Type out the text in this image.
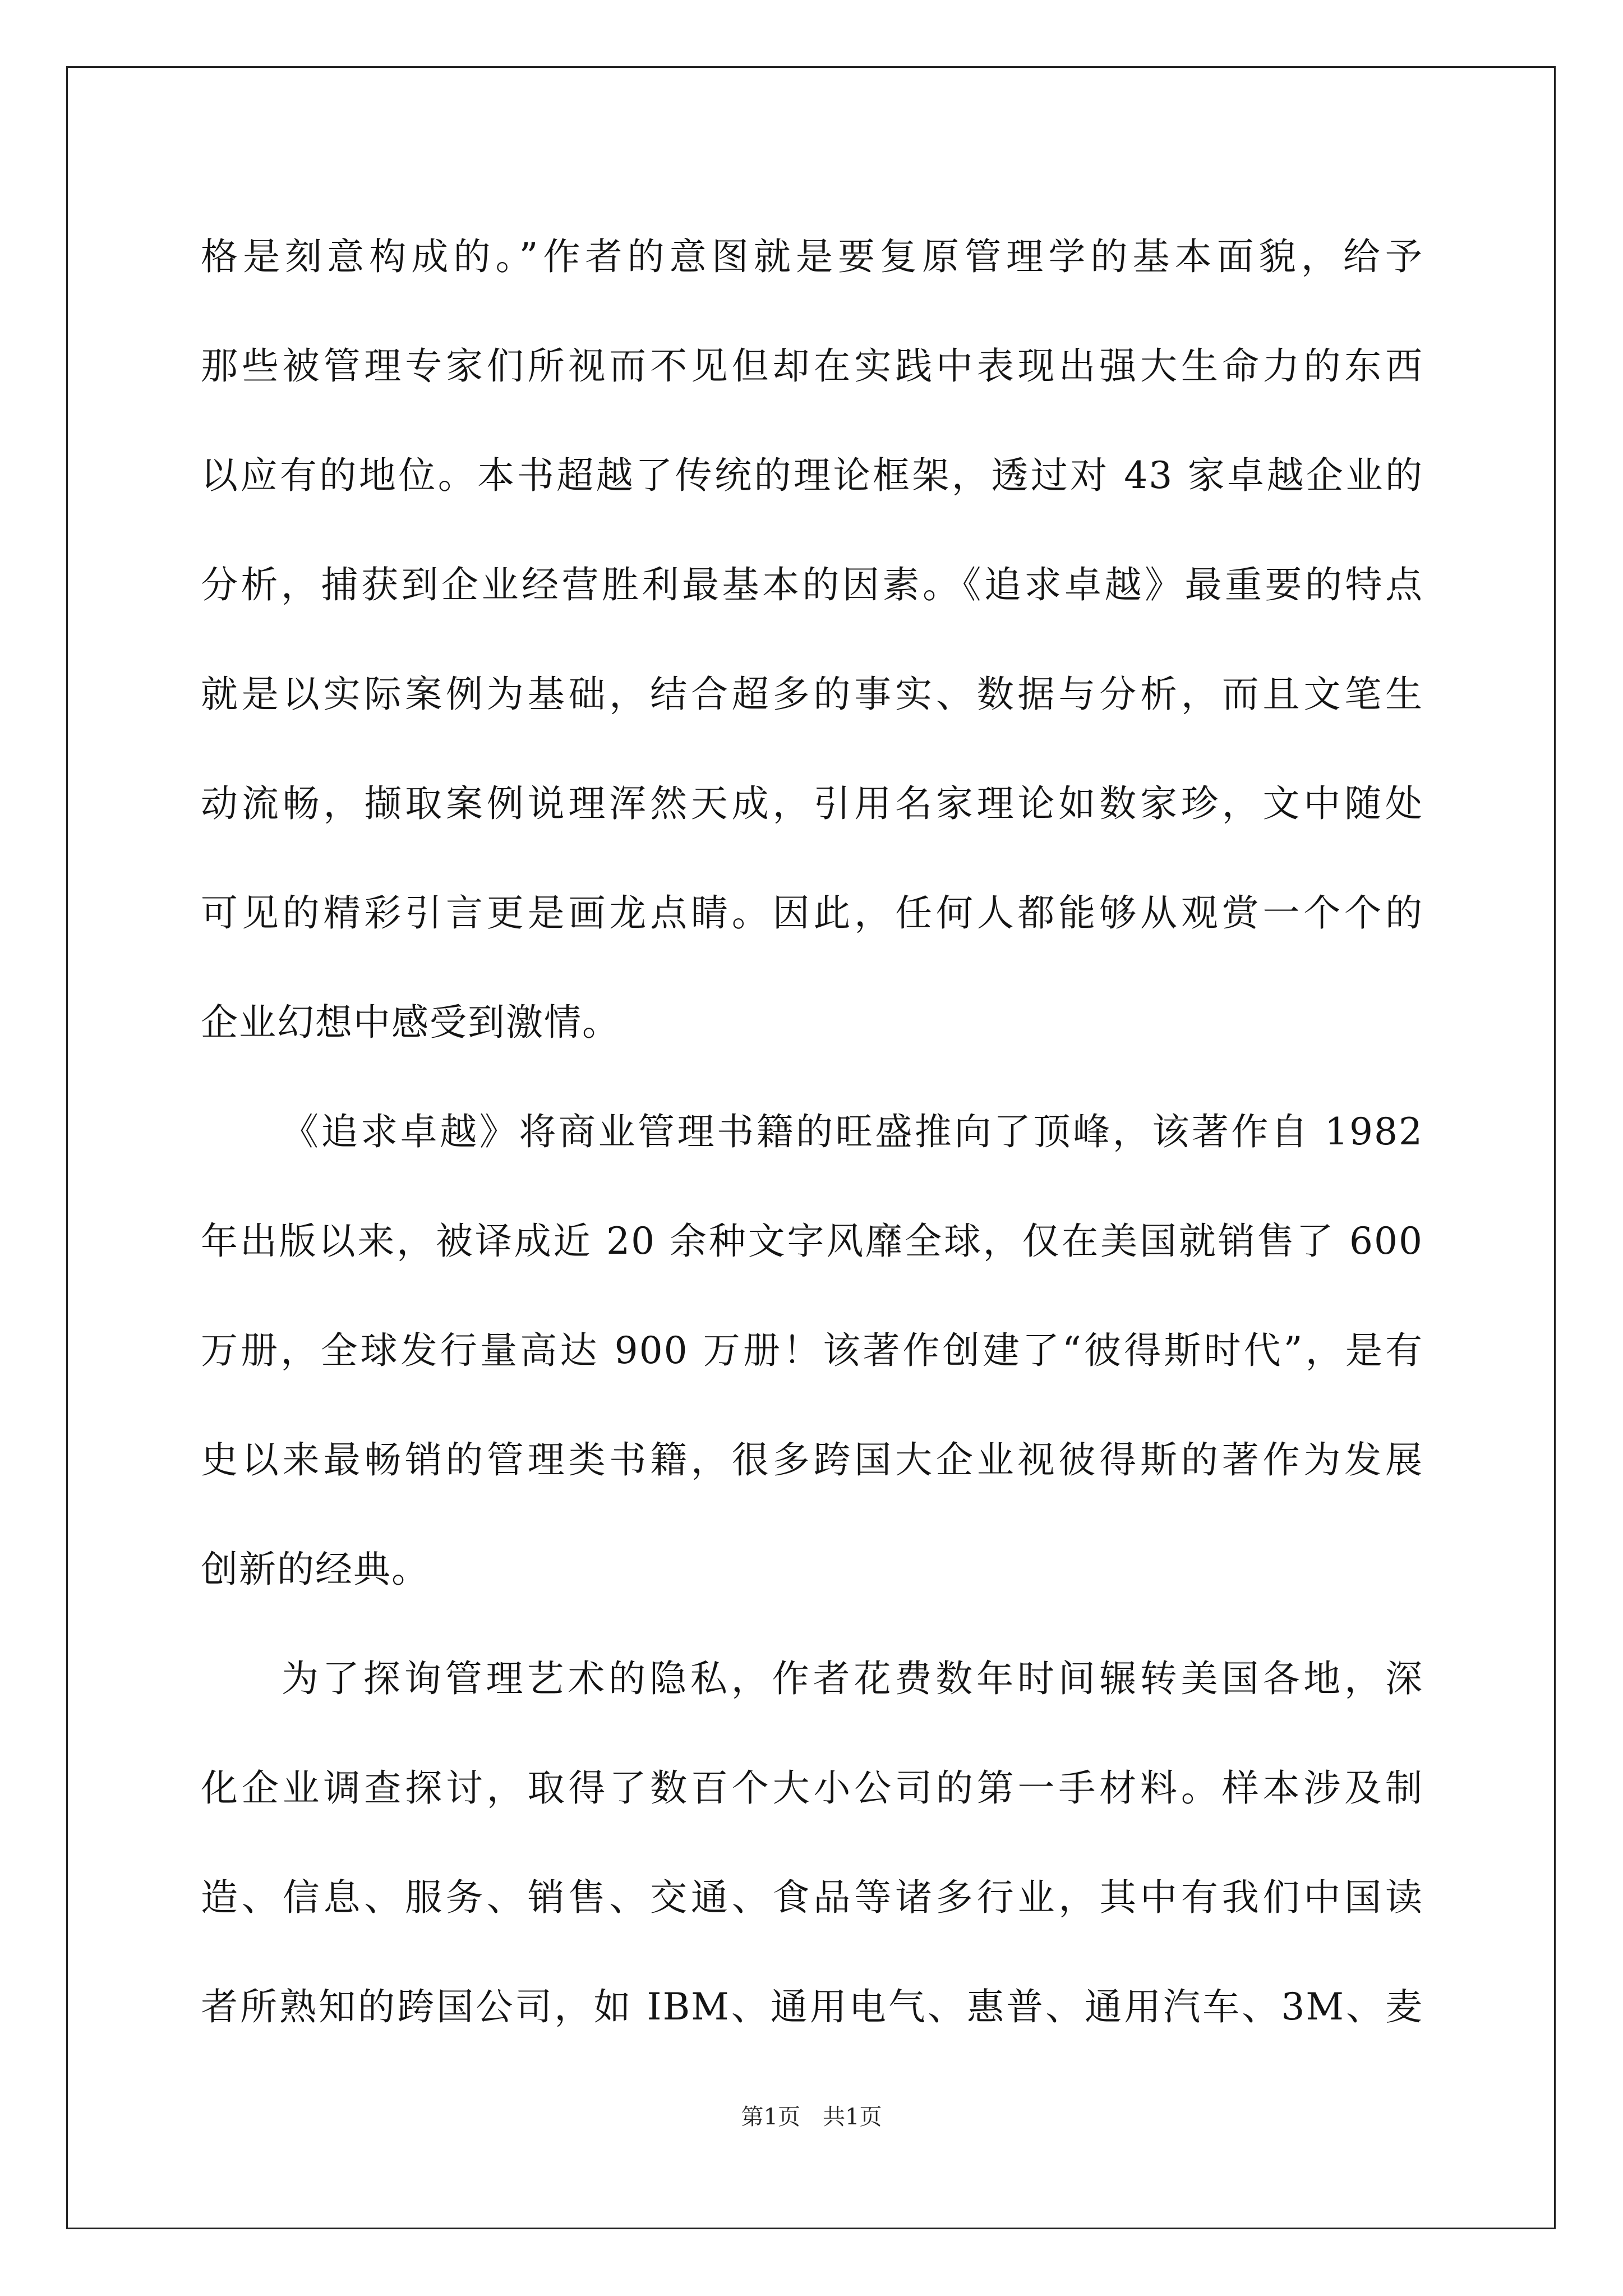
格是刻意构成的。”作者的意图就是要复原管理学的基本面貌，给予
那些被管理专家们所视而不见但却在实践中表现出强大生命力的东西
以应有的地位。本书超越了传统的理论框架，透过对 43 家卓越企业的
分析，捕获到企业经营胜利最基本的因素。《追求卓越》最重要的特点
就是以实际案例为基础，结合超多的事实、数据与分析，而且文笔生
动流畅，撷取案例说理浑然天成，引用名家理论如数家珍，文中随处
可见的精彩引言更是画龙点睛。因此，任何人都能够从观赏一个个的
企业幻想中感受到激情。
《追求卓越》将商业管理书籍的旺盛推向了顶峰，该著作自 1982
年出版以来，被译成近 20 余种文字风靡全球，仅在美国就销售了 600
万册，全球发行量高达 900 万册！该著作创建了“彼得斯时代”，是有
史以来最畅销的管理类书籍，很多跨国大企业视彼得斯的著作为发展
创新的经典。
为了探询管理艺术的隐私，作者花费数年时间辗转美国各地，深
化企业调查探讨，取得了数百个大小公司的第一手材料。样本涉及制
造、信息、服务、销售、交通、食品等诸多行业，其中有我们中国读
者所熟知的跨国公司，如 IBM、通用电气、惠普、通用汽车、3M、麦
第1页　共1页
